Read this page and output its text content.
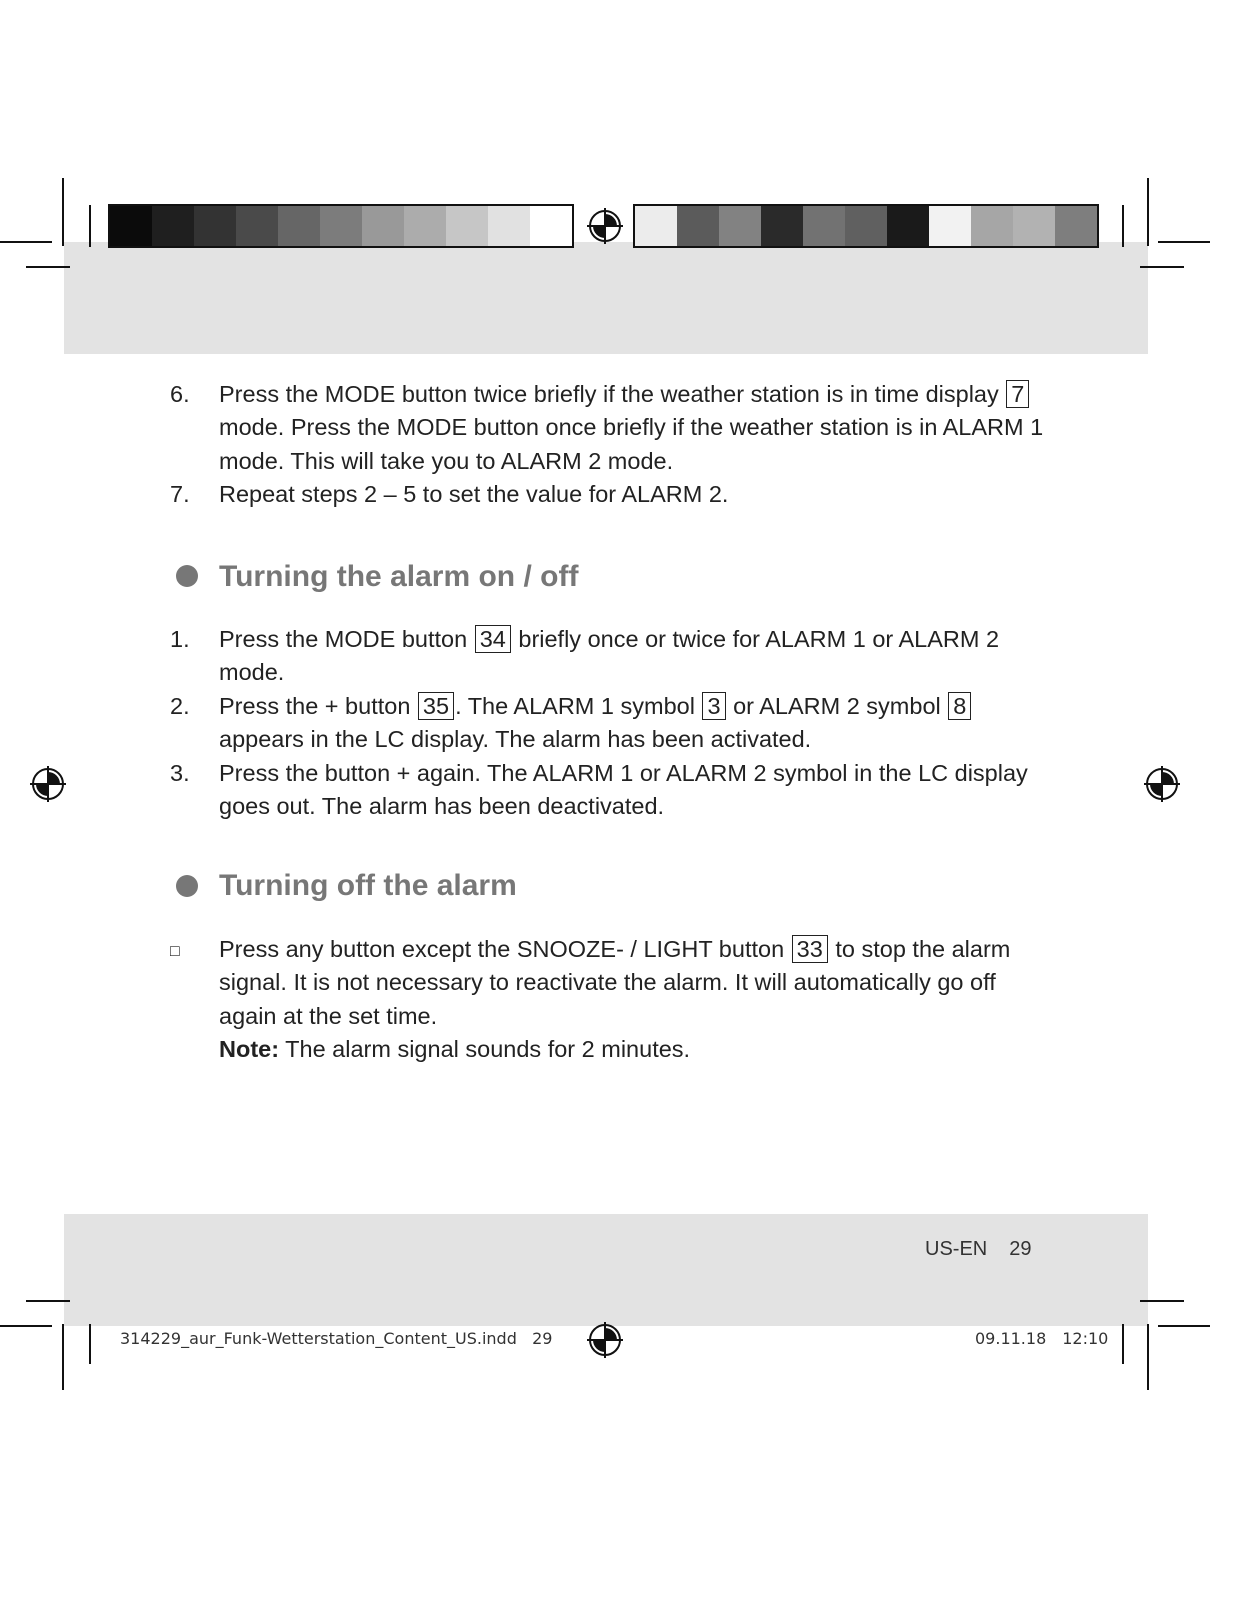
6.	Press the MODE button twice briefly if the weather station is in time display 7 mode. Press the MODE button once briefly if the weather station is in ALARM 1 mode. This will take you to ALARM 2 mode.
7.	Repeat steps 2 – 5 to set the value for ALARM 2.
Turning the alarm on / off
1.	Press the MODE button 34 briefly once or twice for ALARM 1 or ALARM 2 mode.
2.	Press the + button 35 . The ALARM 1 symbol 3 or ALARM 2 symbol 8 appears in the LC display. The alarm has been activated.
3.	Press the button + again. The ALARM 1 or ALARM 2 symbol in the LC display goes out. The alarm has been deactivated.
Turning off the alarm
□	Press any button except the SNOOZE- / LIGHT button 33 to stop the alarm signal. It is not necessary to reactivate the alarm. It will automatically go off again at the set time.
Note: The alarm signal sounds for 2 minutes.
US-EN 29
314229_aur_Funk-Wetterstation_Content_US.indd   29	09.11.18 12:10
